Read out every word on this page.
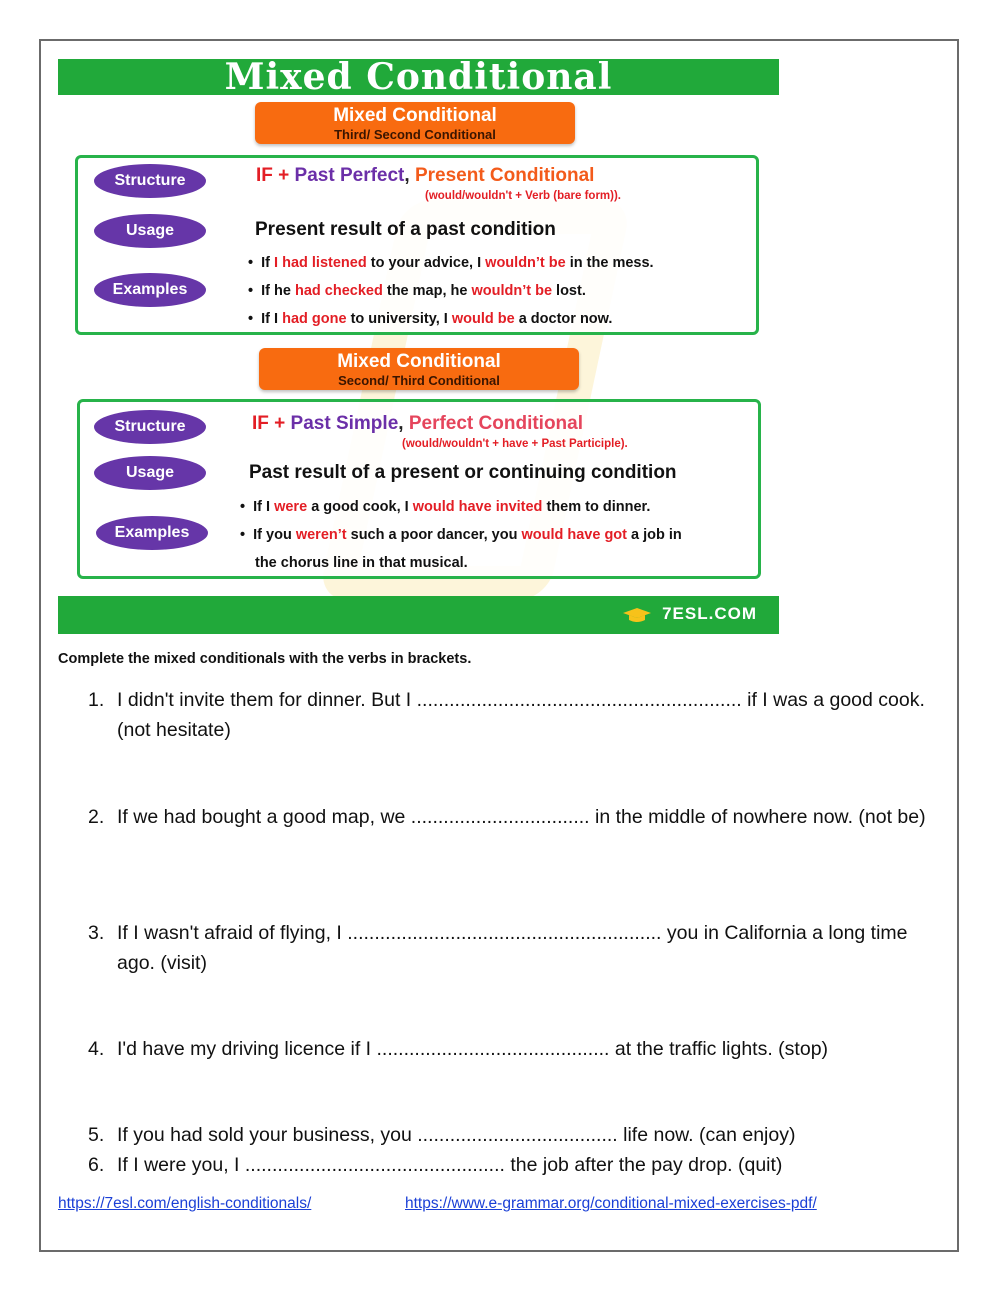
Mixed Conditional
Mixed Conditional
Third/ Second Conditional
Structure
Usage
Examples
IF + Past Perfect, Present Conditional
(would/wouldn't + Verb (bare form)).
Present result of a past condition
• If I had listened to your advice, I wouldn’t be in the mess.
• If he had checked the map, he wouldn’t be lost.
• If I had gone to university, I would be a doctor now.
Mixed Conditional
Second/ Third Conditional
Structure
Usage
Examples
IF + Past Simple, Perfect Conditional
(would/wouldn't + have + Past Participle).
Past result of a present or continuing condition
• If I were a good cook, I would have invited them to dinner.
• If you weren’t such a poor dancer, you would have got a job in
the chorus line in that musical.
7ESL.COM
Complete the mixed conditionals with the verbs in brackets.
1. I didn't invite them for dinner. But I ............................................................ if I was a good cook. (not hesitate)
2. If we had bought a good map, we ................................. in the middle of nowhere now. (not be)
3. If I wasn't afraid of flying, I .......................................................... you in California a long time ago. (visit)
4. I'd have my driving licence if I ........................................... at the traffic lights. (stop)
5. If you had sold your business, you ..................................... life now. (can enjoy)
6. If I were you, I ................................................ the job after the pay drop. (quit)
https://7esl.com/english-conditionals/	https://www.e-grammar.org/conditional-mixed-exercises-pdf/
